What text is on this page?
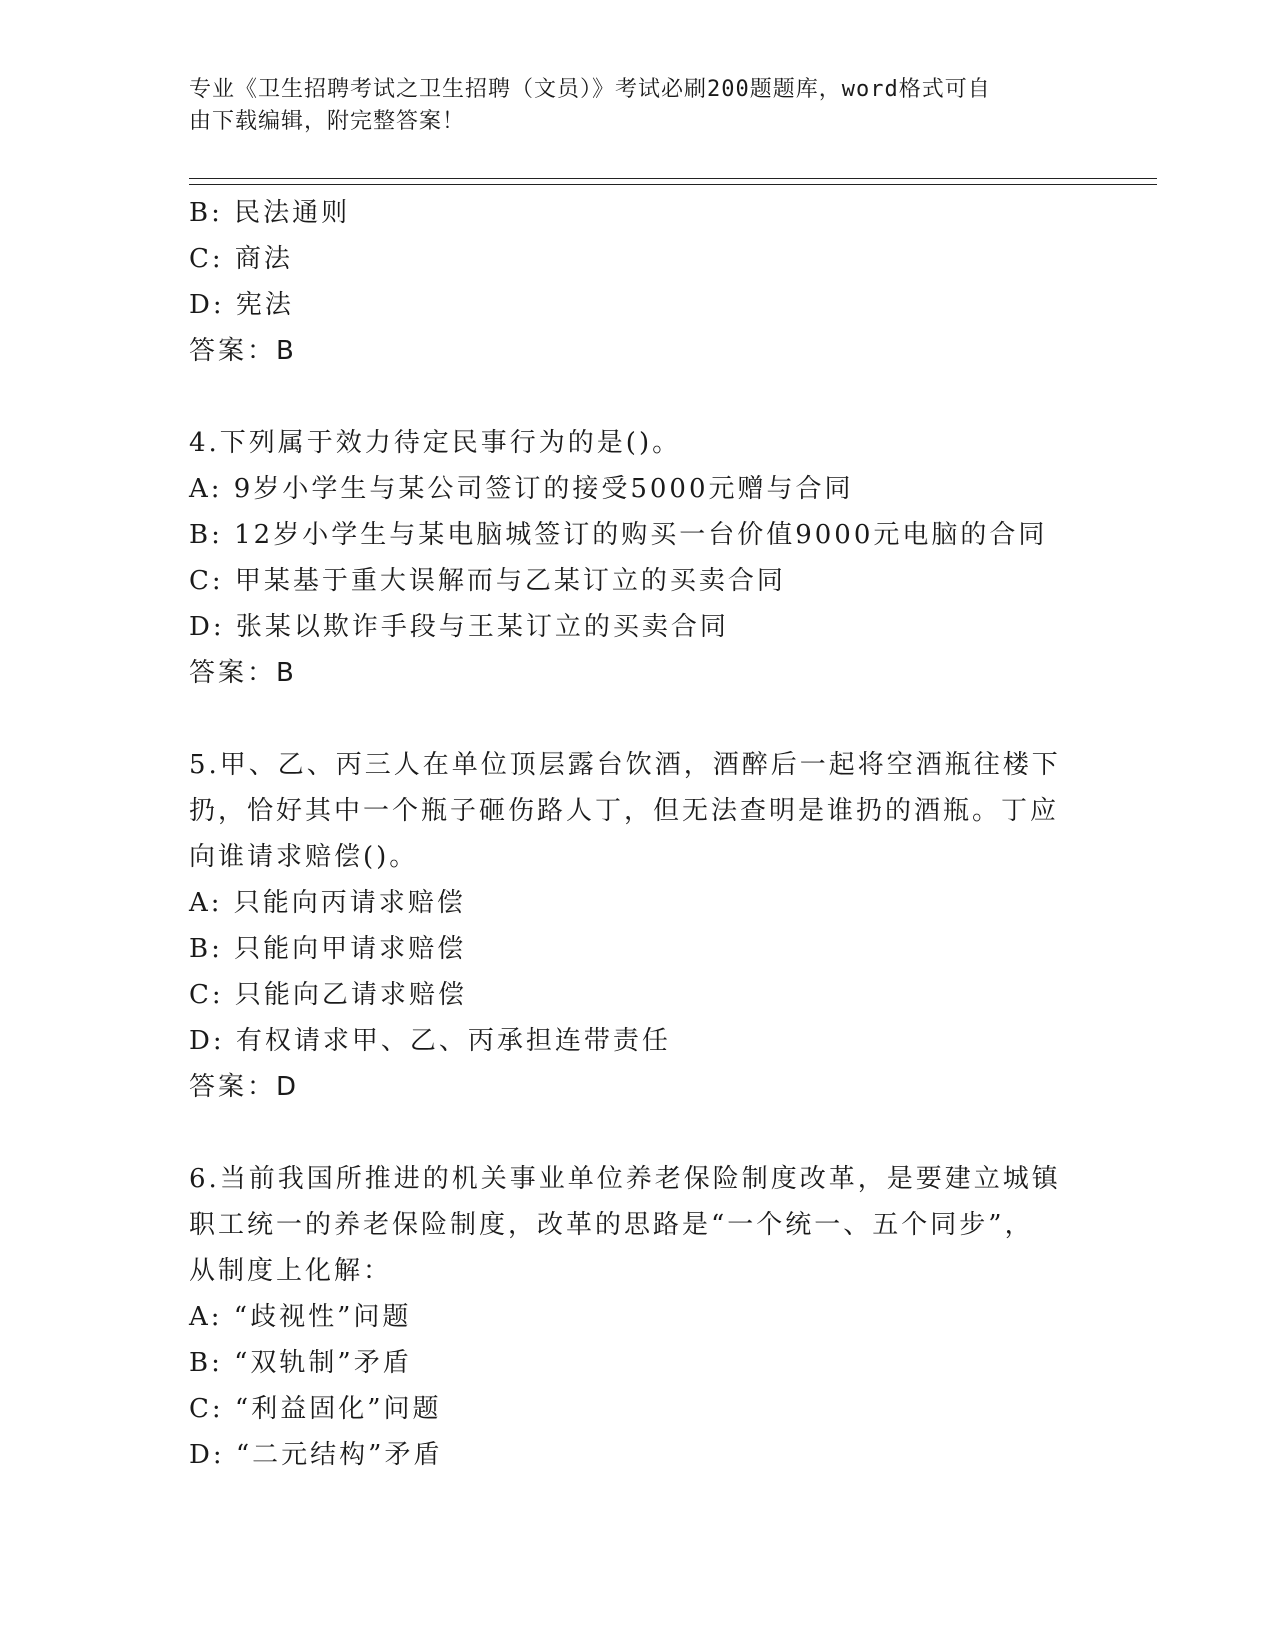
专业《卫生招聘考试之卫生招聘（文员）》考试必刷200题题库，word格式可自
由下载编辑，附完整答案！
B: 民法通则
C: 商法
D: 宪法
答案：B
4.下列属于效力待定民事行为的是()。
A: 9岁小学生与某公司签订的接受5000元赠与合同
B: 12岁小学生与某电脑城签订的购买一台价值9000元电脑的合同
C: 甲某基于重大误解而与乙某订立的买卖合同
D: 张某以欺诈手段与王某订立的买卖合同
答案：B
5.甲、乙、丙三人在单位顶层露台饮酒，酒醉后一起将空酒瓶往楼下
扔，恰好其中一个瓶子砸伤路人丁，但无法查明是谁扔的酒瓶。丁应
向谁请求赔偿()。
A: 只能向丙请求赔偿
B: 只能向甲请求赔偿
C: 只能向乙请求赔偿
D: 有权请求甲、乙、丙承担连带责任
答案：D
6.当前我国所推进的机关事业单位养老保险制度改革，是要建立城镇
职工统一的养老保险制度，改革的思路是“一个统一、五个同步”，
从制度上化解：
A: “歧视性”问题
B: “双轨制”矛盾
C: “利益固化”问题
D: “二元结构”矛盾
